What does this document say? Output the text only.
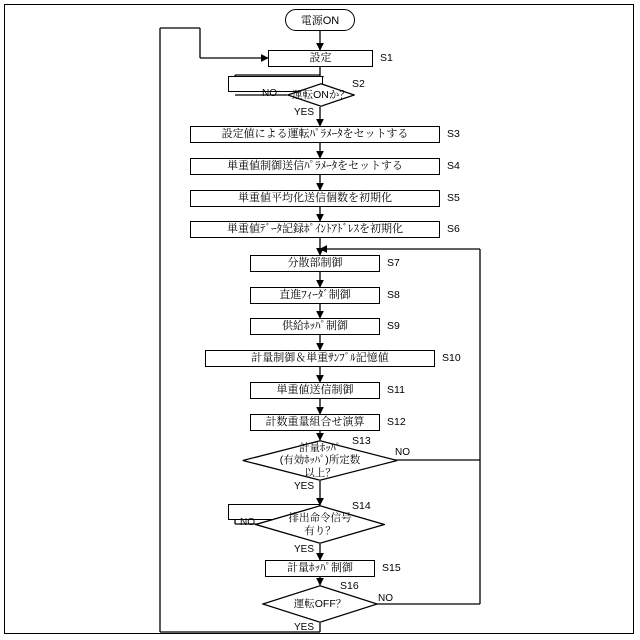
電源ON
設定	S1
NO	運転ONか？
S2
YES
設定値による運転ﾊﾟﾗﾒｰﾀをセットする	S3
単重値制御送信ﾊﾟﾗﾒｰﾀをセットする	S4
単重値平均化送信個数を初期化	S5
単重値ﾃﾞｰﾀ記録ﾎﾟｲﾝﾄｱﾄﾞﾚｽを初期化	S6
分散部制御	S7
直進ﾌｨｰﾀﾞ制御	S8
供給ﾎｯﾊﾟ制御	S9
計量制御＆単重ｻﾝﾌﾟﾙ記憶値	S10
単重値送信制御	S11
計数重量組合せ演算 S12
計量ﾎｯﾊﾟ
(有効ﾎｯﾊﾟ)所定数
以上？
S13
NO
YES
NO	排出命令信号
有り？
S14
YES
計量ﾎｯﾊﾟ制御	S15
運転OFF？
S16
NO
YES
